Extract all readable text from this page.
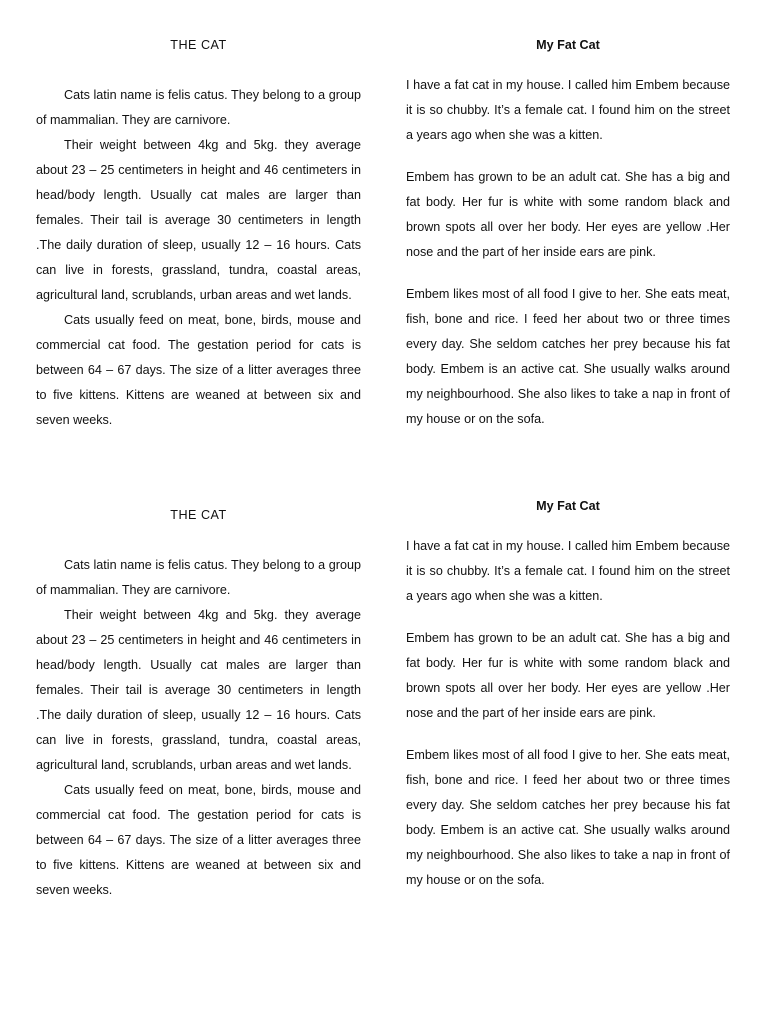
THE CAT

Cats latin name is felis catus. They belong to a group of mammalian. They are carnivore.

Their weight between 4kg and 5kg. they average about 23 – 25 centimeters in height and 46 centimeters in head/body length. Usually cat males are larger than females. Their tail is average 30 centimeters in length .The daily duration of sleep, usually 12 – 16 hours. Cats can live in forests, grassland, tundra, coastal areas, agricultural land, scrublands, urban areas and wet lands.

Cats usually feed on meat, bone, birds, mouse and commercial cat food. The gestation period for cats is between 64 – 67 days. The size of a litter averages three to five kittens. Kittens are weaned at between six and seven weeks.

My Fat Cat

I have a fat cat in my house. I called him Embem because it is so chubby. It’s a female cat. I found him on the street a years ago when she was a kitten.

Embem has grown to be an adult cat. She has a big and fat body. Her fur is white with some random black and brown spots all over her body. Her eyes are yellow .Her nose and the part of her inside ears are pink.

Embem likes most of all food I give to her. She eats meat, fish, bone and rice. I feed her about two or three times every day. She seldom catches her prey because his fat body. Embem is an active cat. She usually walks around my neighbourhood. She also likes to take a nap in front of my house or on the sofa.

THE CAT

Cats latin name is felis catus. They belong to a group of mammalian. They are carnivore.

Their weight between 4kg and 5kg. they average about 23 – 25 centimeters in height and 46 centimeters in head/body length. Usually cat males are larger than females. Their tail is average 30 centimeters in length .The daily duration of sleep, usually 12 – 16 hours. Cats can live in forests, grassland, tundra, coastal areas, agricultural land, scrublands, urban areas and wet lands.

Cats usually feed on meat, bone, birds, mouse and commercial cat food. The gestation period for cats is between 64 – 67 days. The size of a litter averages three to five kittens. Kittens are weaned at between six and seven weeks.

My Fat Cat

I have a fat cat in my house. I called him Embem because it is so chubby. It’s a female cat. I found him on the street a years ago when she was a kitten.

Embem has grown to be an adult cat. She has a big and fat body. Her fur is white with some random black and brown spots all over her body. Her eyes are yellow .Her nose and the part of her inside ears are pink.

Embem likes most of all food I give to her. She eats meat, fish, bone and rice. I feed her about two or three times every day. She seldom catches her prey because his fat body. Embem is an active cat. She usually walks around my neighbourhood. She also likes to take a nap in front of my house or on the sofa.
